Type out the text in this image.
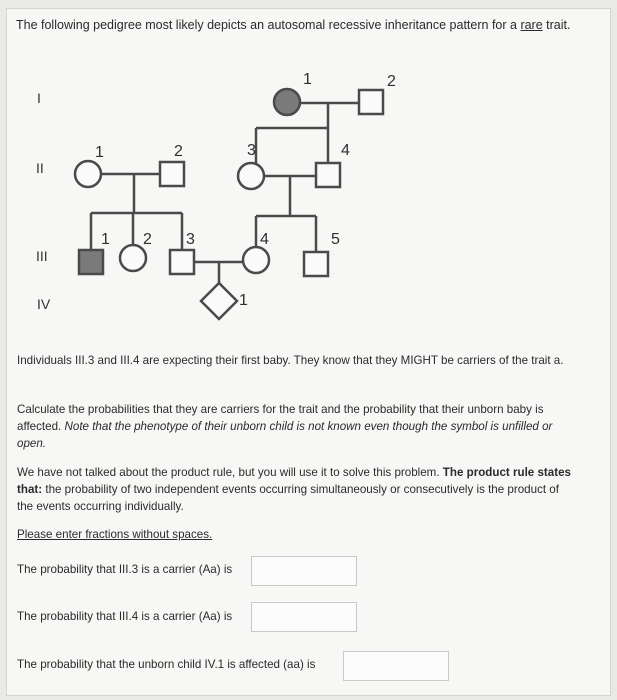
The following pedigree most likely depicts an autosomal recessive inheritance pattern for a rare trait.
I
II
III
IV
1	2
1	2	3	4
1 2 3	4	5
1
Individuals III.3 and III.4 are expecting their first baby. They know that they MIGHT be carriers of the trait a.
Calculate the probabilities that they are carriers for the trait and the probability that their unborn baby is affected. Note that the phenotype of their unborn child is not known even though the symbol is unfilled or open.
We have not talked about the product rule, but you will use it to solve this problem. The product rule states that: the probability of two independent events occurring simultaneously or consecutively is the product of the events occurring individually.
Please enter fractions without spaces.
The probability that III.3 is a carrier (Aa) is
The probability that III.4 is a carrier (Aa) is
The probability that the unborn child IV.1 is affected (aa) is
